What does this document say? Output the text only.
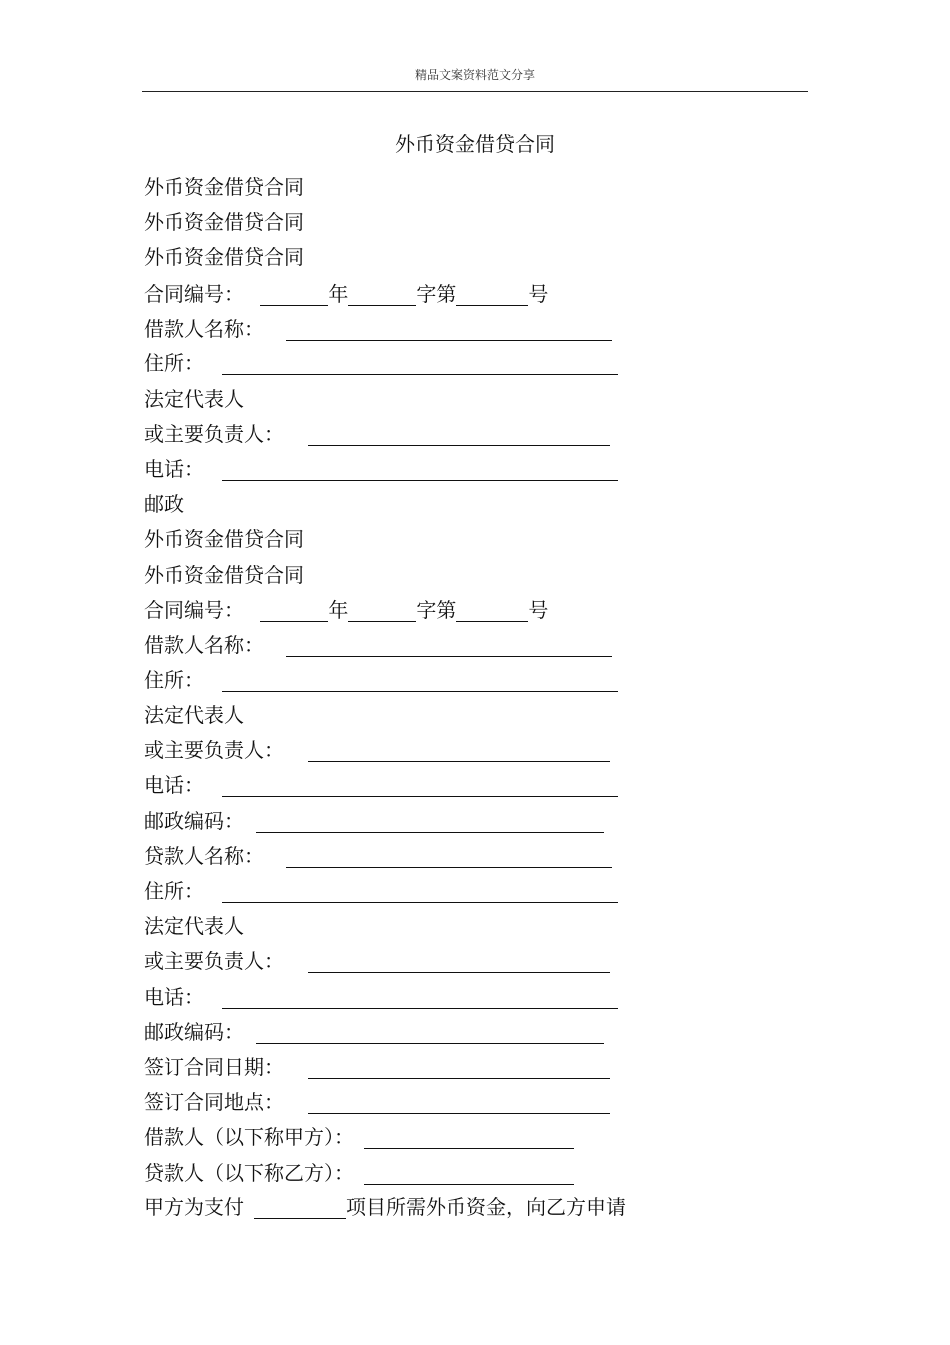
精品文案资料范文分享
外币资金借贷合同
外币资金借贷合同
外币资金借贷合同
外币资金借贷合同
合同编号：	年	字第	号
借款人名称：
住所：
法定代表人
或主要负责人：
电话：
邮政
外币资金借贷合同
外币资金借贷合同
合同编号：	年	字第	号
借款人名称：
住所：
法定代表人
或主要负责人：
电话：
邮政编码：
贷款人名称：
住所：
法定代表人
或主要负责人：
电话：
邮政编码：
签订合同日期：
签订合同地点：
借款人（以下称甲方）：
贷款人（以下称乙方）：
甲方为支付	项目所需外币资金，向乙方申请
